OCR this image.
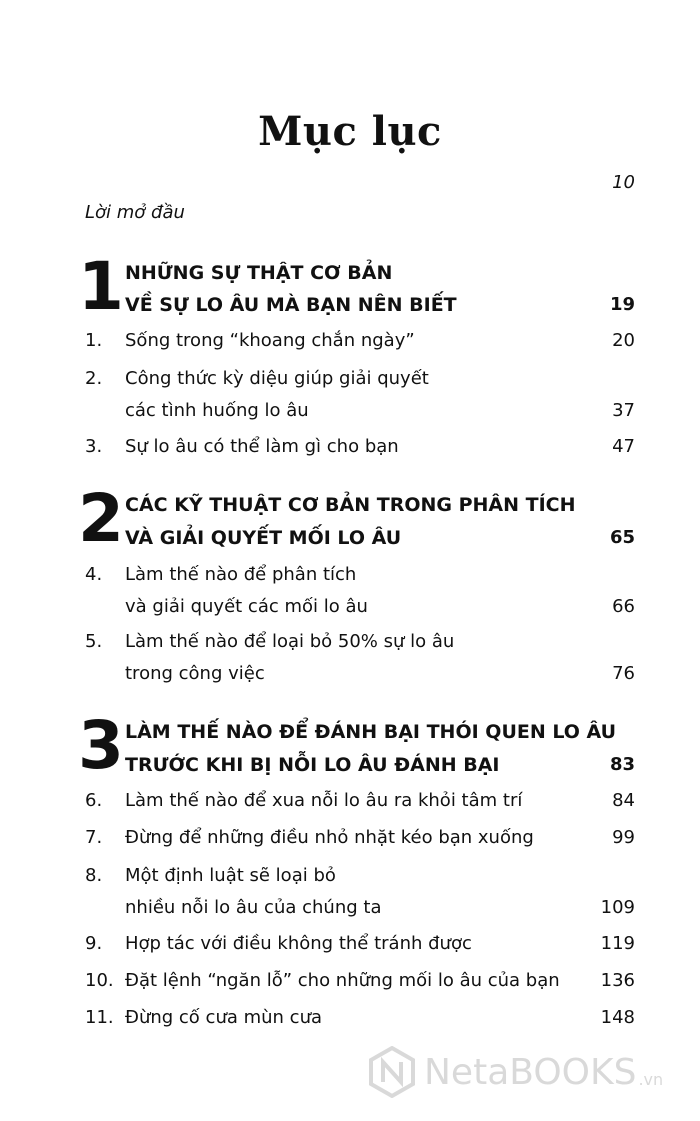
Mục lục
Lời mở đầu
10
1 NHỮNG SỰ THẬT CƠ BẢN
VỀ SỰ LO ÂU MÀ BẠN NÊN BIẾT	19
1.	Sống trong “khoang chắn ngày”	20
2.	Công thức kỳ diệu giúp giải quyết
các tình huống lo âu	37
3.	Sự lo âu có thể làm gì cho bạn	47
2 CÁC KỸ THUẬT CƠ BẢN TRONG PHÂN TÍCH
VÀ GIẢI QUYẾT MỐI LO ÂU	65
4.	Làm thế nào để phân tích
và giải quyết các mối lo âu	66
5.	Làm thế nào để loại bỏ 50% sự lo âu
trong công việc	76
3 LÀM THẾ NÀO ĐỂ ĐÁNH BẠI THÓI QUEN LO ÂU
TRƯỚC KHI BỊ NỖI LO ÂU ĐÁNH BẠI	83
6.	Làm thế nào để xua nỗi lo âu ra khỏi tâm trí	84
7.	Đừng để những điều nhỏ nhặt kéo bạn xuống	99
8.	Một định luật sẽ loại bỏ
nhiều nỗi lo âu của chúng ta	109
9.	Hợp tác với điều không thể tránh được	119
10. Đặt lệnh “ngăn lỗ” cho những mối lo âu của bạn 136
11. Đừng cố cưa mùn cưa	148
NetaBOOKS .vn
